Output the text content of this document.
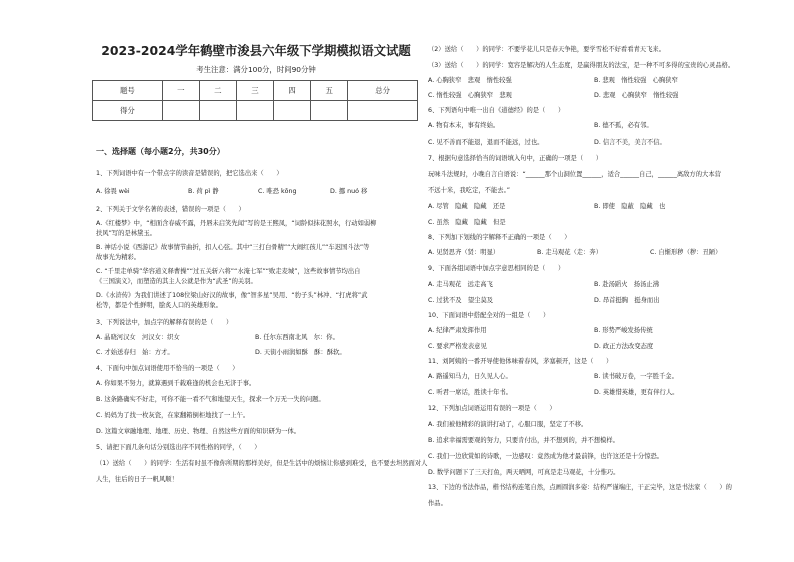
2023-2024学年鹤壁市浚县六年级下学期模拟语文试题
考生注意：满分100分，时间90分钟
题号	一	二	三	四	五	总分
得分						
一、选择题（每小题2分，共30分）
1、下列词语中有一个带点字的读音是错误的，把它选出来（　　）
A. 徐畏 wèi	B. 荷 pì 静	C. 唯恐 kōng	D. 挪 nuó 移
2、下列关于文学名著的表述，错误的一项是（　　）
A.《红楼梦》中，“相面含春威不露，丹唇未启笑先闻”写的是王熙凤，“词龄似抹花照水，行动如弱柳
扶风”写的是林黛玉。
B. 神话小说《西游记》故事情节曲折，扣人心弦。其中“三打白骨精”“大闹红孩儿”“车迟国斗法”等
故事光为精彩。
C. “千里走单骑”华容道义释曹操”“过五关斩六将”“水淹七军”“败走麦城”，这些故事情节均出自
《三国演义》，而塑造的其主人公就是作为“武圣”的关羽。
D.《水浒传》为我们讲述了108位梁山好汉的故事，像“智多星”吴用、“豹子头”林冲、“打虎将”武
松等，都是个性鲜明，脍炙人口的英雄形象。
3、下列说法中，加点字的解释有误的是（　　）
A. 晶晓河汉女　河汉女：织女	B. 任尔东西南北风　尔：你。
C. 才始送春归　始：方才。	D. 天街小雨润如酥　酥：酥软。
4、下面句中加点词语使用不恰当的一项是（　　）
A. 你如果不努力，就算遇到千载难逢的机会也无济于事。
B. 这条路确实不好走，可你不能一看不气和地望天生，探求一个万无一失的问题。
C. 妈妈为了找一枚灰瓷，在家翻箱倒柜地找了一上午。
D. 这篇文章融地理、地理、历史、物理、自然这些方面的知识研为一体。
5、请把下面几条句话分别选出序不同性格的同学，（　　）
（1）送给（　　）的同学：生活有时虽不像你所期的那样美好，但是生活中的烦恼让你感到难受，也不要去坦然面对人
人生，往后的日子一帆风顺！
（2）送给（　　）的同学：不要学花儿只是春天争艳，要学雪松不好看看青天飞来。
（3）送给（　　）的同学：宽容是解决的人生态度，是赢得朋友的法宝，是一种不可多得的宝贵的心灵品格。
A. 心胸狭窄　悲观　惰性较强	B. 悲观　惰性较强　心胸狭窄
C. 惰性较强　心胸狭窄　悲观	D. 悲观　心胸狭窄　惰性较强
6、下列语句中唯一出自《道德经》的是（　　）
A. 物有本末，事有终始。	B. 德不孤，必有邻。
C. 见不善而不能退，退而不能远，过也。	D. 信言不美，美言不信。
7、根据句意选择恰当的词语填入句中，正确的一项是（　　）
玩味斗法规时，小晚自言自语说：“______那个山洞位置______，适合______自己，______离敌方的大本营
不远十米，我吃定，不能去。”
A. 尽管　隐藏　隐藏　还是	B. 即使　隐蔽　隐藏　也
C. 虽然　隐藏　隐藏　但是
8、下列加下划线的字解释不正确的一项是（　　）
A. 见贤思齐（贤：明显）	B. 走马观花（走：奔）	C. 自惭形秽（秽：丑陋）
9、下面各组词语中加点字意思相同的是（　　）
A. 走马观花　远走高飞	B. 赴汤蹈火　扬汤止沸
C. 过犹不及　望尘莫及	D. 昂首挺胸　挺身而出
10、下面词语中搭配全对的一组是（　　）
A. 纪律严肃发挥作用	B. 形势严峻发扬传统
C. 要求严格发表意见	D. 政正方法改变态度
11、刘阿姨的一番开导使他体味着春风，茅塞顿开，这是（　　）
A. 路遥知马力，日久见人心。	B. 读书破万卷，一字胜千金。
C. 听君一席话，胜读十年书。	D. 英雄惜英雄，更有伴行人。
12、下列加点词语运用有误的一项是（　　）
A. 我们被他精彩的演讲打动了，心服口服，坚定了不移。
B. 追求幸福需要观的努力，只要肯付出，并不想到的，并不想模样。
C. 我们一边欣赏如的诗歌，一边感叹：竟然成为他才最前锋，也许这还是十分惊恐。
D. 数学问题下了三天打鱼，两天晒网，可真是走马观花，十分惟巧。
13、下边的书法作品，楷书结构连笔自然，点画圆润多姿：结构严谨端庄，干正完毕，这是书法家（　　）的
作品。
